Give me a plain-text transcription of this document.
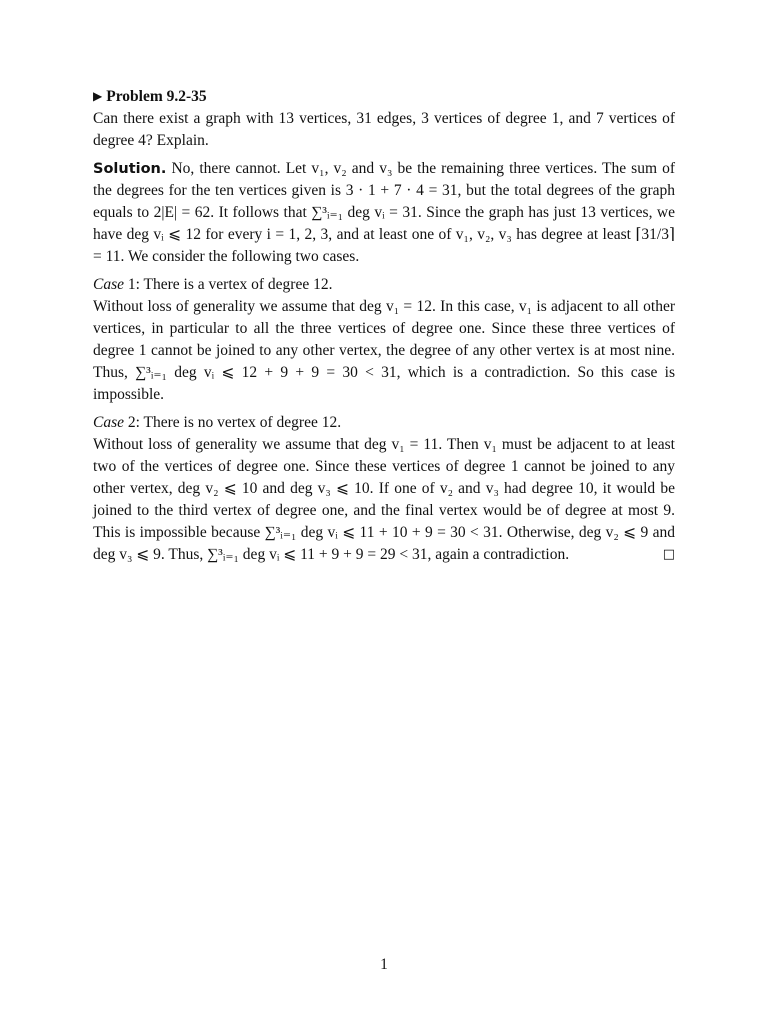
▶ Problem 9.2-35

Can there exist a graph with 13 vertices, 31 edges, 3 vertices of degree 1, and 7 vertices of degree 4? Explain.

Solution. No, there cannot. Let v₁, v₂ and v₃ be the remaining three vertices. The sum of the degrees for the ten vertices given is 3 · 1 + 7 · 4 = 31, but the total degrees of the graph equals to 2|E| = 62. It follows that ∑³ᵢ₌₁ deg vᵢ = 31. Since the graph has just 13 vertices, we have deg vᵢ ⩽ 12 for every i = 1, 2, 3, and at least one of v₁, v₂, v₃ has degree at least ⌈31/3⌉ = 11. We consider the following two cases.

Case 1: There is a vertex of degree 12.
Without loss of generality we assume that deg v₁ = 12. In this case, v₁ is adjacent to all other vertices, in particular to all the three vertices of degree one. Since these three vertices of degree 1 cannot be joined to any other vertex, the degree of any other vertex is at most nine. Thus, ∑³ᵢ₌₁ deg vᵢ ⩽ 12 + 9 + 9 = 30 < 31, which is a contradiction. So this case is impossible.

Case 2: There is no vertex of degree 12.
Without loss of generality we assume that deg v₁ = 11. Then v₁ must be adjacent to at least two of the vertices of degree one. Since these vertices of degree 1 cannot be joined to any other vertex, deg v₂ ⩽ 10 and deg v₃ ⩽ 10. If one of v₂ and v₃ had degree 10, it would be joined to the third vertex of degree one, and the final vertex would be of degree at most 9. This is impossible because ∑³ᵢ₌₁ deg vᵢ ⩽ 11 + 10 + 9 = 30 < 31. Otherwise, deg v₂ ⩽ 9 and deg v₃ ⩽ 9. Thus, ∑³ᵢ₌₁ deg vᵢ ⩽ 11 + 9 + 9 = 29 < 31, again a contradiction.	□

1
